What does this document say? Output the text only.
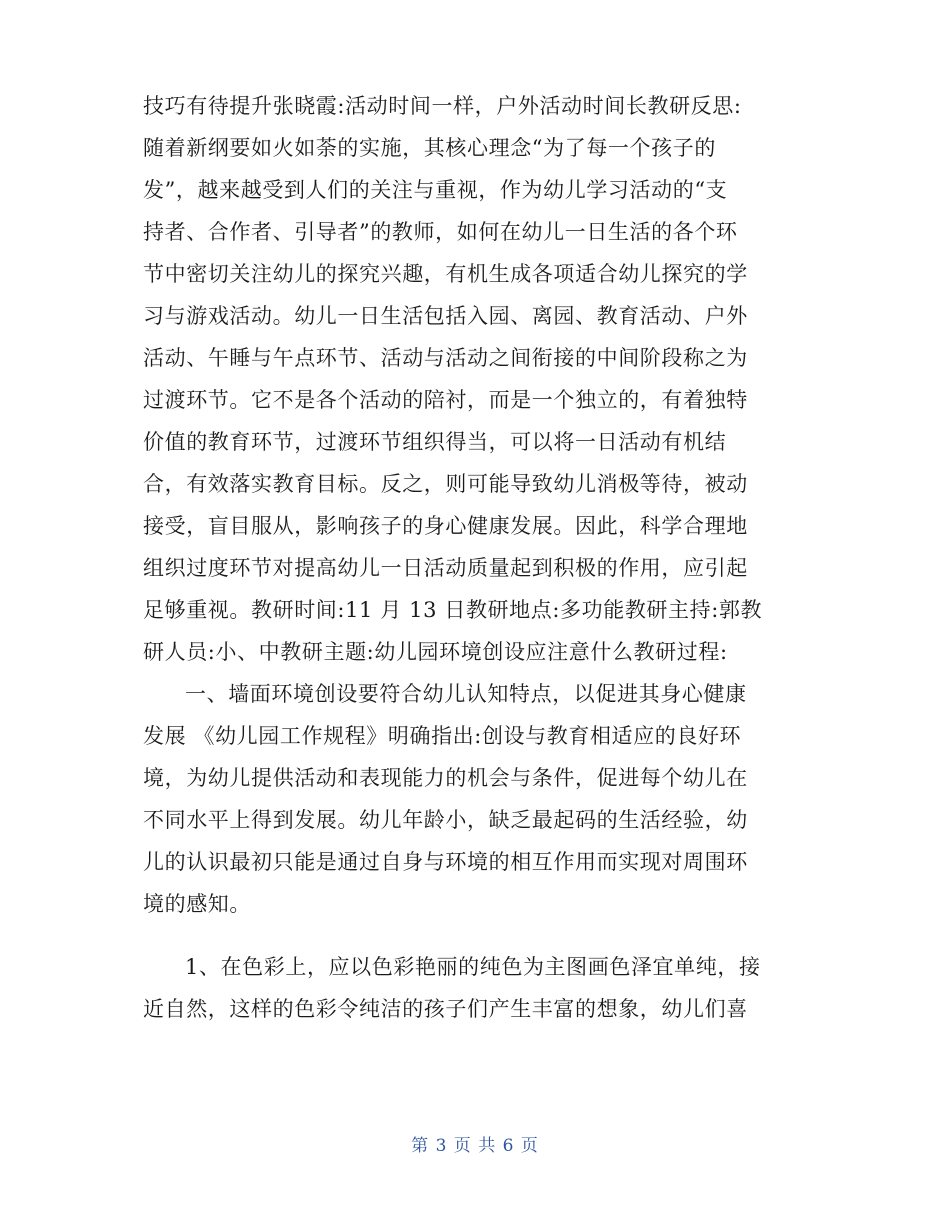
技巧有待提升张晓霞:活动时间一样，户外活动时间长教研反思:
随着新纲要如火如荼的实施，其核心理念“为了每一个孩子的
发”，越来越受到人们的关注与重视，作为幼儿学习活动的“支
持者、合作者、引导者”的教师，如何在幼儿一日生活的各个环
节中密切关注幼儿的探究兴趣，有机生成各项适合幼儿探究的学
习与游戏活动。幼儿一日生活包括入园、离园、教育活动、户外
活动、午睡与午点环节、活动与活动之间衔接的中间阶段称之为
过渡环节。它不是各个活动的陪衬，而是一个独立的，有着独特
价值的教育环节，过渡环节组织得当，可以将一日活动有机结
合，有效落实教育目标。反之，则可能导致幼儿消极等待，被动
接受，盲目服从，影响孩子的身心健康发展。因此，科学合理地
组织过度环节对提高幼儿一日活动质量起到积极的作用，应引起
足够重视。教研时间:11 月 13 日教研地点:多功能教研主持:郭教
研人员:小、中教研主题:幼儿园环境创设应注意什么教研过程:
一、墙面环境创设要符合幼儿认知特点，以促进其身心健康
发展 《幼儿园工作规程》明确指出:创设与教育相适应的良好环
境，为幼儿提供活动和表现能力的机会与条件，促进每个幼儿在
不同水平上得到发展。幼儿年龄小，缺乏最起码的生活经验，幼
儿的认识最初只能是通过自身与环境的相互作用而实现对周围环
境的感知。
1、在色彩上，应以色彩艳丽的纯色为主图画色泽宜单纯，接
近自然，这样的色彩令纯洁的孩子们产生丰富的想象，幼儿们喜
第 3 页 共 6 页
